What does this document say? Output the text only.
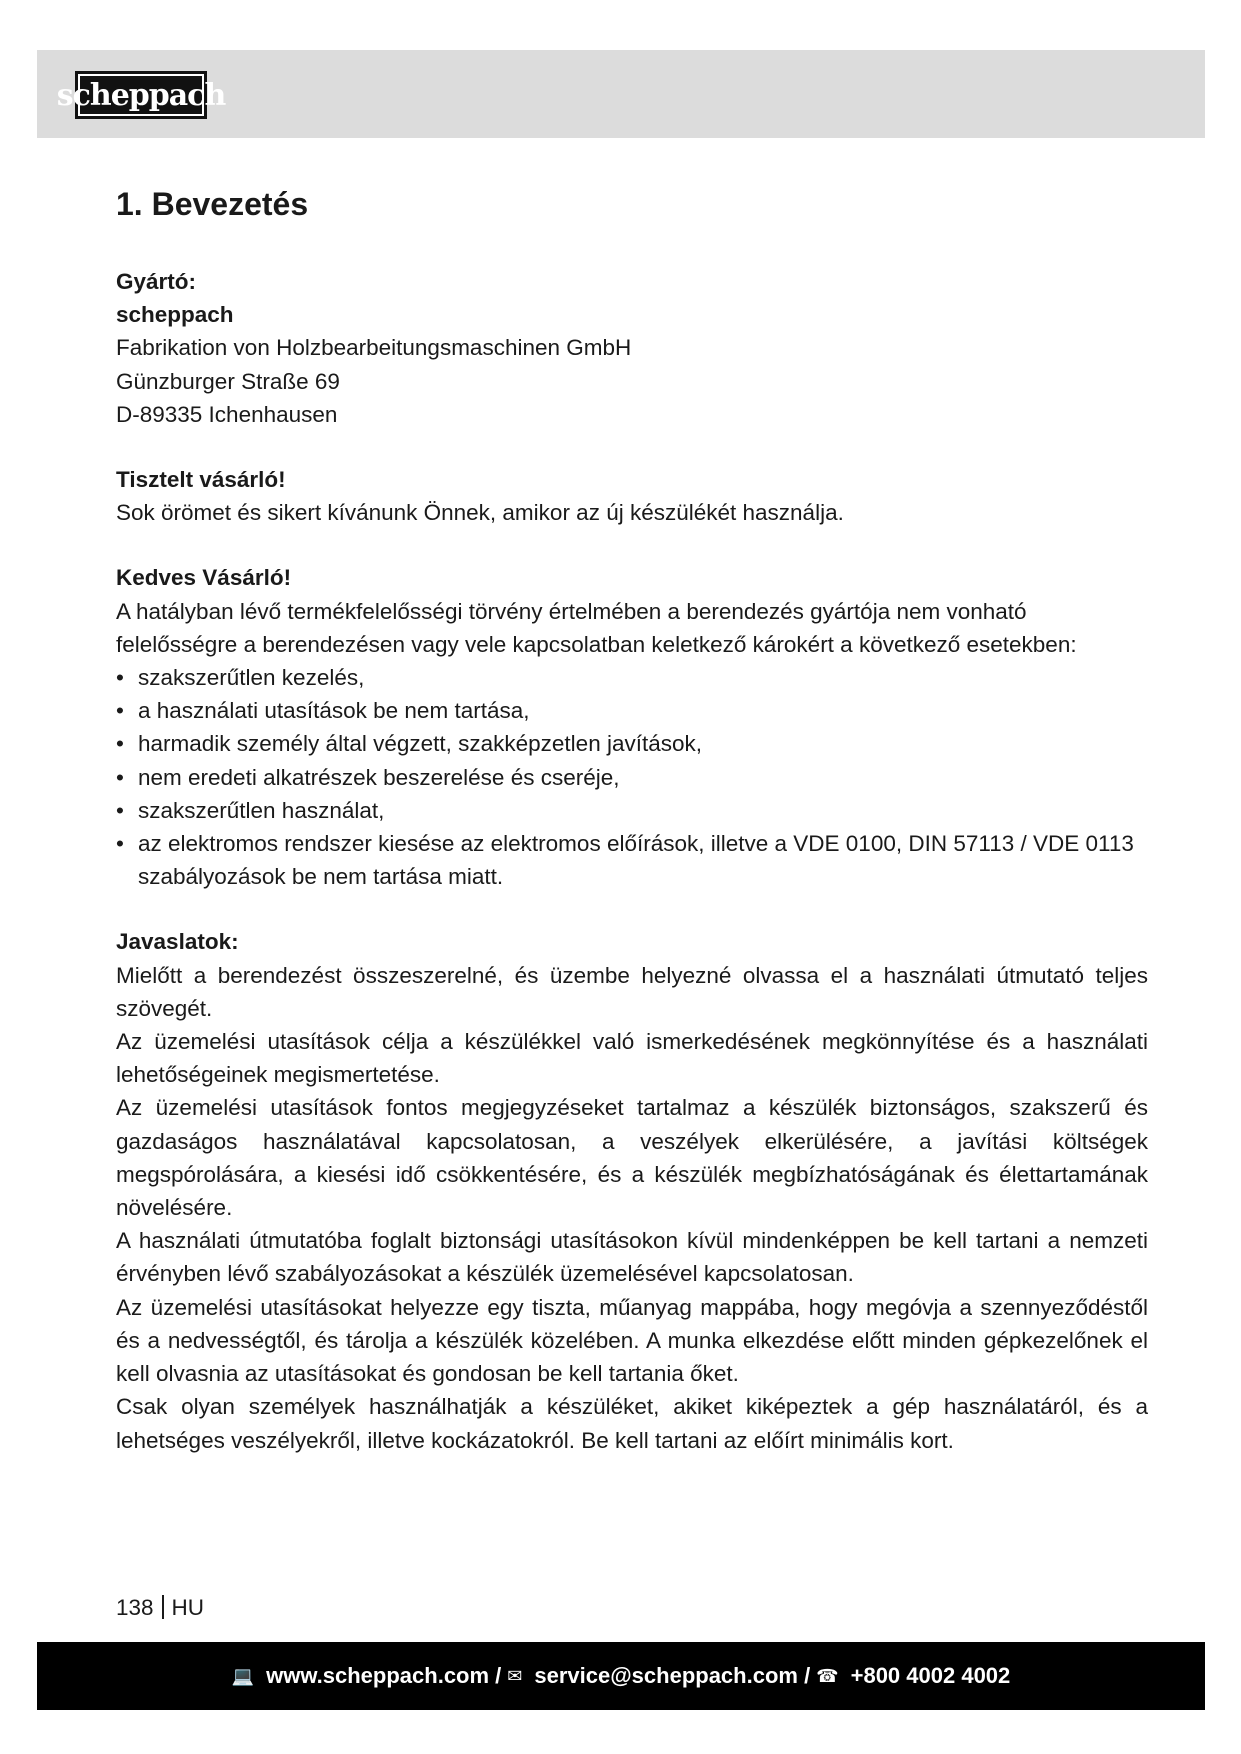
scheppach
1. Bevezetés

Gyártó:

scheppach

Fabrikation von Holzbearbeitungsmaschinen GmbH

Günzburger Straße 69

D-89335 Ichenhausen

Tisztelt vásárló!

Sok örömet és sikert kívánunk Önnek, amikor az új készülékét használja.

Kedves Vásárló!

A hatályban lévő termékfelelősségi törvény értelmében a berendezés gyártója nem vonható felelősségre a berendezésen vagy vele kapcsolatban keletkező károkért a következő esetekben:

• szakszerűtlen kezelés,
• a használati utasítások be nem tartása,
• harmadik személy által végzett, szakképzetlen javítások,
• nem eredeti alkatrészek beszerelése és cseréje,
• szakszerűtlen használat,
• az elektromos rendszer kiesése az elektromos előírások, illetve a VDE 0100, DIN 57113 / VDE 0113 szabályozások be nem tartása miatt.

Javaslatok:

Mielőtt a berendezést összeszerelné, és üzembe helyezné olvassa el a használati útmutató teljes szövegét.

Az üzemelési utasítások célja a készülékkel való ismerkedésének megkönnyítése és a használati lehetőségeinek megismertetése.

Az üzemelési utasítások fontos megjegyzéseket tartalmaz a készülék biztonságos, szakszerű és gazdaságos használatával kapcsolatosan, a veszélyek elkerülésére, a javítási költségek megspórolására, a kiesési idő csökkentésére, és a készülék megbízhatóságának és élettartamának növelésére.

A használati útmutatóba foglalt biztonsági utasításokon kívül mindenképpen be kell tartani a nemzeti érvényben lévő szabályozásokat a készülék üzemelésével kapcsolatosan.

Az üzemelési utasításokat helyezze egy tiszta, műanyag mappába, hogy megóvja a szennyeződéstől és a nedvességtől, és tárolja a készülék közelében. A munka elkezdése előtt minden gépkezelőnek el kell olvasnia az utasításokat és gondosan be kell tartania őket.

Csak olyan személyek használhatják a készüléket, akiket kiképeztek a gép használatáról, és a lehetséges veszélyekről, illetve kockázatokról. Be kell tartani az előírt minimális kort.

138 HU
💻 www.scheppach.com / ✉ service@scheppach.com / ☎ +800 4002 4002
